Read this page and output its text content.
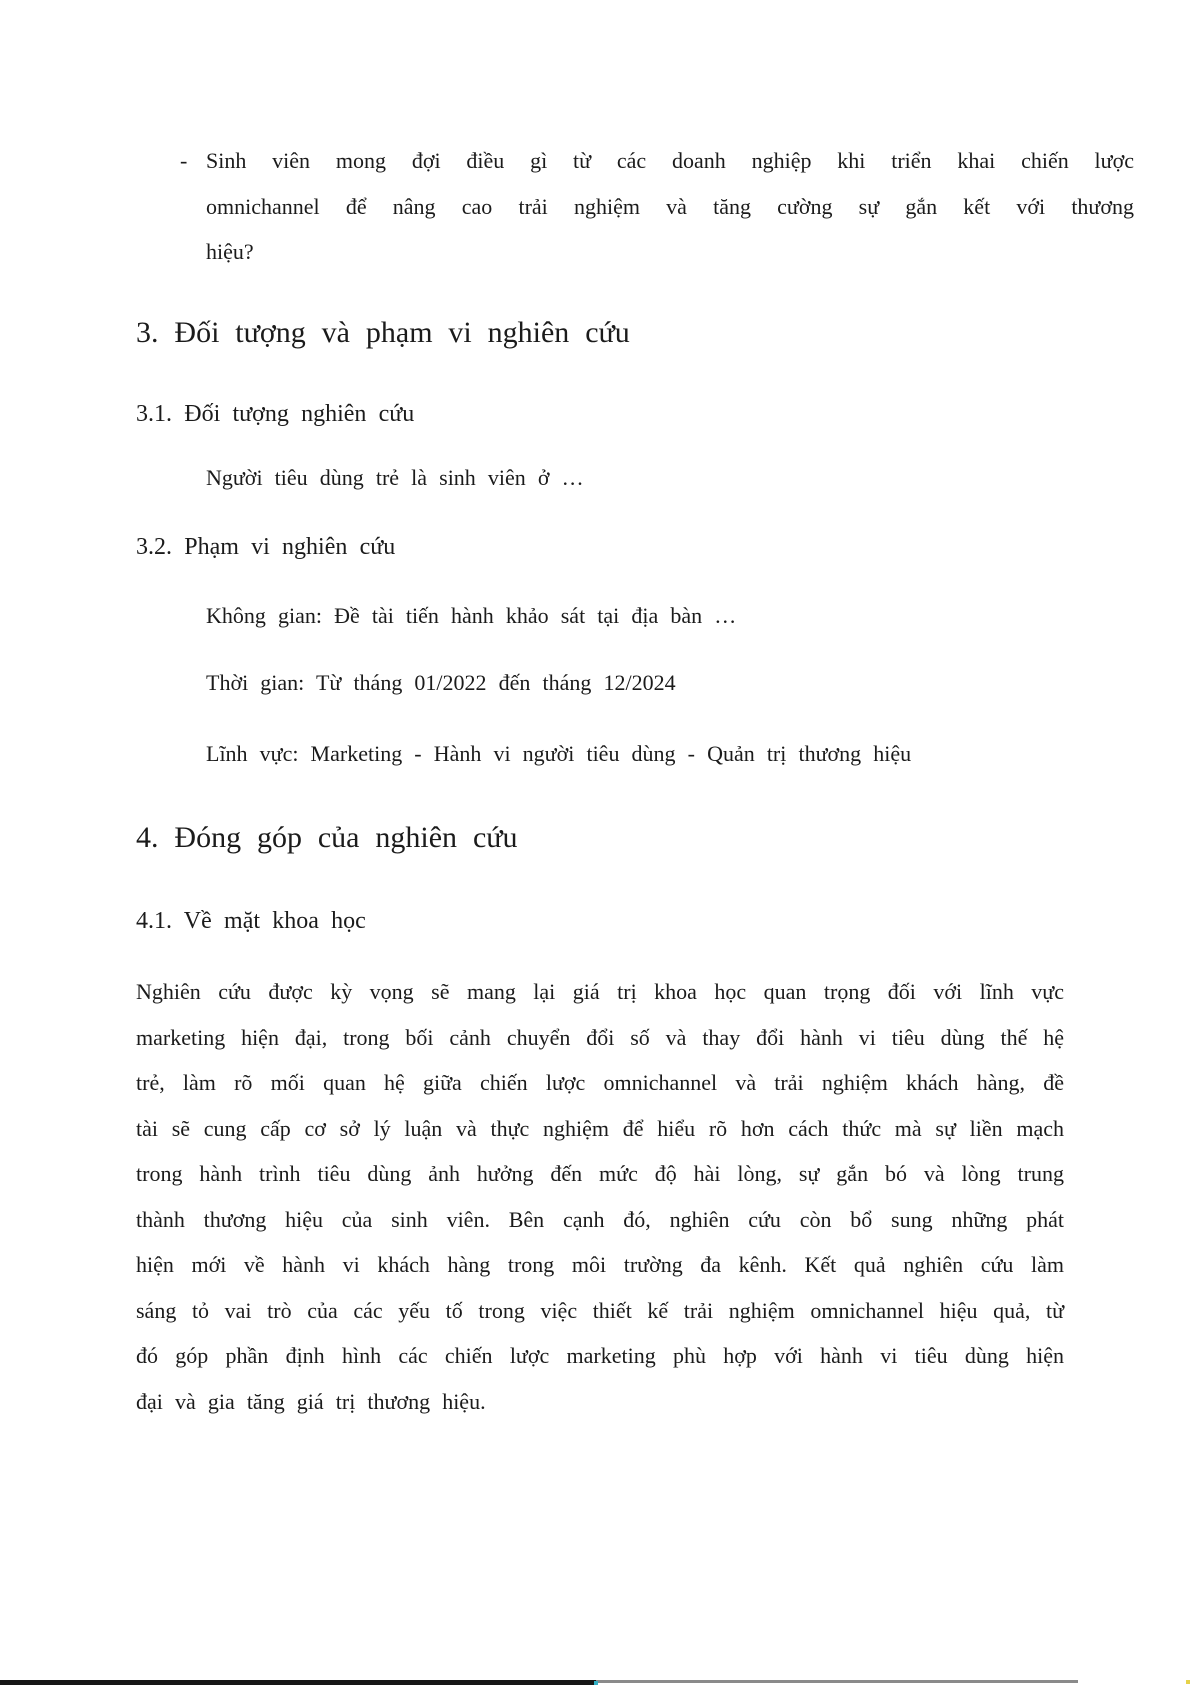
- Sinh viên mong đợi điều gì từ các doanh nghiệp khi triển khai chiến lược
omnichannel để nâng cao trải nghiệm và tăng cường sự gắn kết với thương
hiệu?
3. Đối tượng và phạm vi nghiên cứu
3.1. Đối tượng nghiên cứu
Người tiêu dùng trẻ là sinh viên ở …
3.2. Phạm vi nghiên cứu
Không gian: Đề tài tiến hành khảo sát tại địa bàn …
Thời gian: Từ tháng 01/2022 đến tháng 12/2024
Lĩnh vực: Marketing - Hành vi người tiêu dùng - Quản trị thương hiệu
4. Đóng góp của nghiên cứu
4.1. Về mặt khoa học
Nghiên cứu được kỳ vọng sẽ mang lại giá trị khoa học quan trọng đối với lĩnh vực
marketing hiện đại, trong bối cảnh chuyển đổi số và thay đổi hành vi tiêu dùng thế hệ
trẻ, làm rõ mối quan hệ giữa chiến lược omnichannel và trải nghiệm khách hàng, đề
tài sẽ cung cấp cơ sở lý luận và thực nghiệm để hiểu rõ hơn cách thức mà sự liền mạch
trong hành trình tiêu dùng ảnh hưởng đến mức độ hài lòng, sự gắn bó và lòng trung
thành thương hiệu của sinh viên. Bên cạnh đó, nghiên cứu còn bổ sung những phát
hiện mới về hành vi khách hàng trong môi trường đa kênh. Kết quả nghiên cứu làm
sáng tỏ vai trò của các yếu tố trong việc thiết kế trải nghiệm omnichannel hiệu quả, từ
đó góp phần định hình các chiến lược marketing phù hợp với hành vi tiêu dùng hiện
đại và gia tăng giá trị thương hiệu.
